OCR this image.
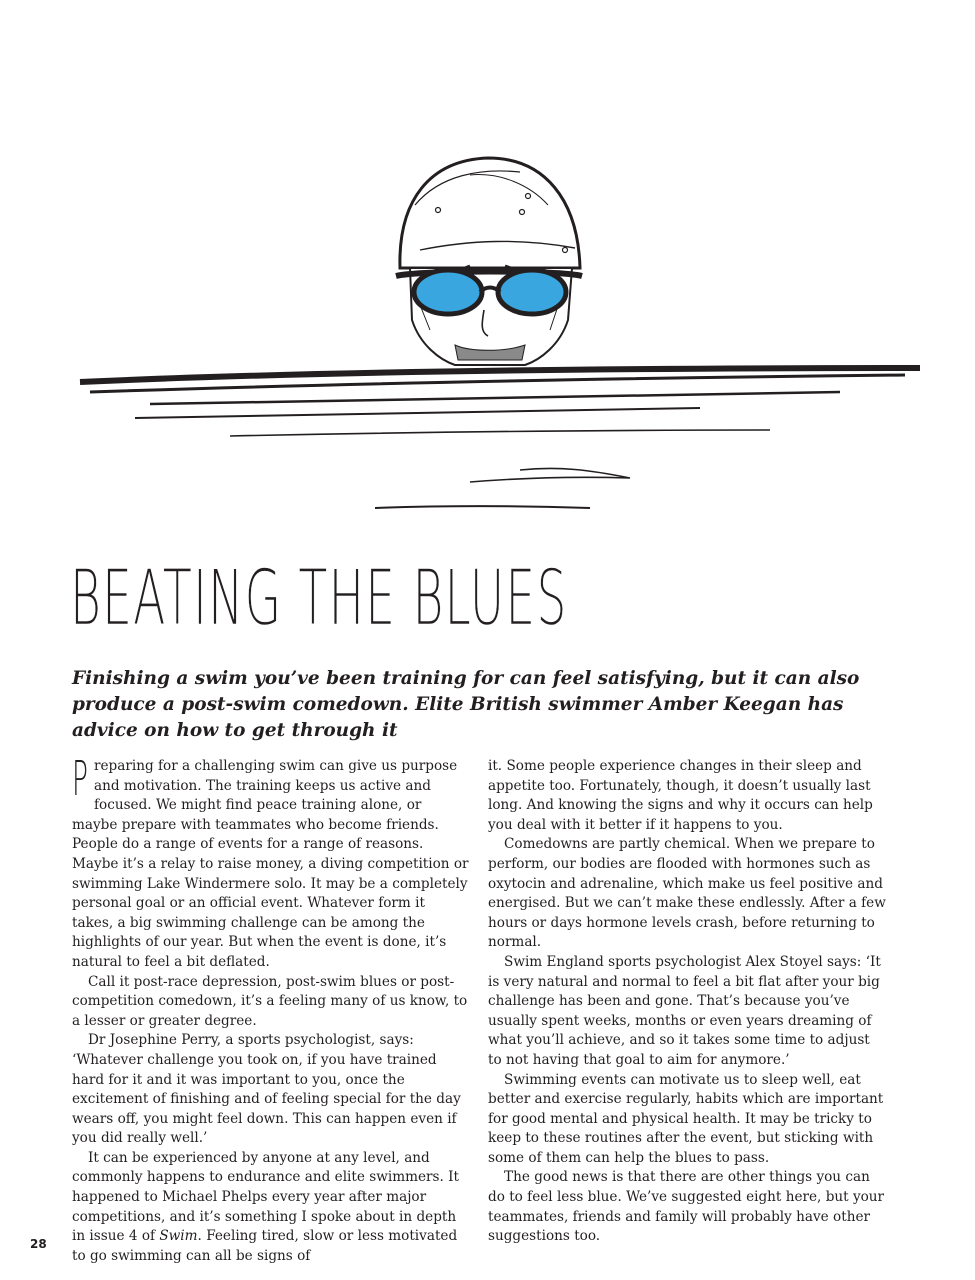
BEATING THE BLUES

Finishing a swim you’ve been training for can feel satisfying, but it can also produce a post-swim comedown. Elite British swimmer Amber Keegan has advice on how to get through it

Preparing for a challenging swim can give us purpose and motivation. The training keeps us active and focused. We might find peace training alone, or maybe prepare with teammates who become friends. People do a range of events for a range of reasons. Maybe it’s a relay to raise money, a diving competition or swimming Lake Windermere solo. It may be a completely personal goal or an official event. Whatever form it takes, a big swimming challenge can be among the highlights of our year. But when the event is done, it’s natural to feel a bit deflated.

Call it post-race depression, post-swim blues or post-competition comedown, it’s a feeling many of us know, to a lesser or greater degree.

Dr Josephine Perry, a sports psychologist, says: ‘Whatever challenge you took on, if you have trained hard for it and it was important to you, once the excitement of finishing and of feeling special for the day wears off, you might feel down. This can happen even if you did really well.’

It can be experienced by anyone at any level, and commonly happens to endurance and elite swimmers. It happened to Michael Phelps every year after major competitions, and it’s something I spoke about in depth in issue 4 of Swim. Feeling tired, slow or less motivated to go swimming can all be signs of

it. Some people experience changes in their sleep and appetite too. Fortunately, though, it doesn’t usually last long. And knowing the signs and why it occurs can help you deal with it better if it happens to you.

Comedowns are partly chemical. When we prepare to perform, our bodies are flooded with hormones such as oxytocin and adrenaline, which make us feel positive and energised. But we can’t make these endlessly. After a few hours or days hormone levels crash, before returning to normal.

Swim England sports psychologist Alex Stoyel says: ‘It is very natural and normal to feel a bit flat after your big challenge has been and gone. That’s because you’ve usually spent weeks, months or even years dreaming of what you’ll achieve, and so it takes some time to adjust to not having that goal to aim for anymore.’

Swimming events can motivate us to sleep well, eat better and exercise regularly, habits which are important for good mental and physical health. It may be tricky to keep to these routines after the event, but sticking with some of them can help the blues to pass.

The good news is that there are other things you can do to feel less blue. We’ve suggested eight here, but your teammates, friends and family will probably have other suggestions too.

28
